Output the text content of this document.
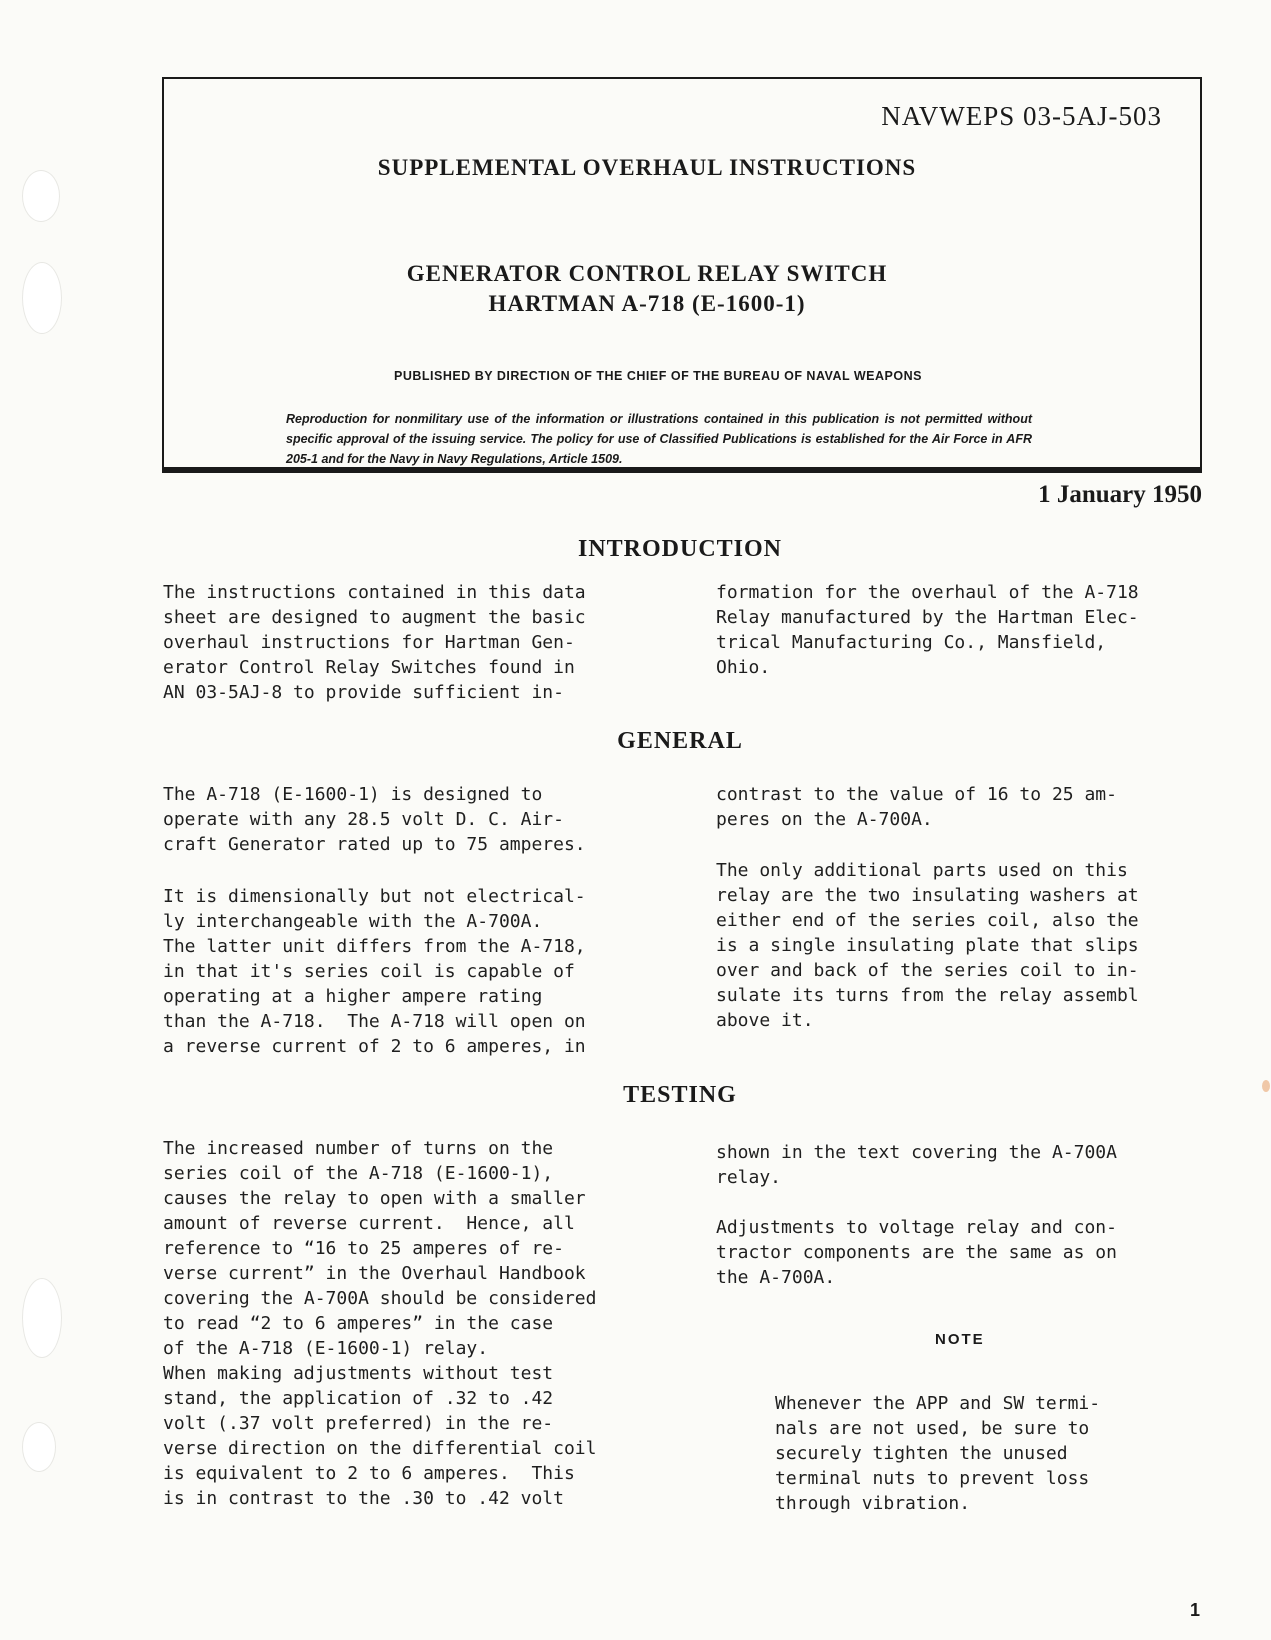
NAVWEPS 03-5AJ-503
SUPPLEMENTAL OVERHAUL INSTRUCTIONS
GENERATOR CONTROL RELAY SWITCH
HARTMAN A-718 (E-1600-1)
PUBLISHED BY DIRECTION OF THE CHIEF OF THE BUREAU OF NAVAL WEAPONS
Reproduction for nonmilitary use of the information or illustrations contained in this publication is not permitted without specific approval of the issuing service. The policy for use of Classified Publications is established for the Air Force in AFR 205-1 and for the Navy in Navy Regulations, Article 1509.
1 January 1950
INTRODUCTION
The instructions contained in this data
sheet are designed to augment the basic
overhaul instructions for Hartman Gen-
erator Control Relay Switches found in
AN 03-5AJ-8 to provide sufficient in-
formation for the overhaul of the A-718
Relay manufactured by the Hartman Elec-
trical Manufacturing Co., Mansfield,
Ohio.
GENERAL
The A-718 (E-1600-1) is designed to
operate with any 28.5 volt D. C. Air-
craft Generator rated up to 75 amperes.
It is dimensionally but not electrical-
ly interchangeable with the A-700A.
The latter unit differs from the A-718,
in that it's series coil is capable of
operating at a higher ampere rating
than the A-718.  The A-718 will open on
a reverse current of 2 to 6 amperes, in
contrast to the value of 16 to 25 am-
peres on the A-700A.
The only additional parts used on this
relay are the two insulating washers at
either end of the series coil, also the
is a single insulating plate that slips
over and back of the series coil to in-
sulate its turns from the relay assembl
above it.
TESTING
The increased number of turns on the
series coil of the A-718 (E-1600-1),
causes the relay to open with a smaller
amount of reverse current.  Hence, all
reference to “16 to 25 amperes of re-
verse current” in the Overhaul Handbook
covering the A-700A should be considered
to read “2 to 6 amperes” in the case
of the A-718 (E-1600-1) relay.
When making adjustments without test
stand, the application of .32 to .42
volt (.37 volt preferred) in the re-
verse direction on the differential coil
is equivalent to 2 to 6 amperes.  This
is in contrast to the .30 to .42 volt
shown in the text covering the A-700A
relay.
Adjustments to voltage relay and con-
tractor components are the same as on
the A-700A.
NOTE
Whenever the APP and SW termi-
nals are not used, be sure to
securely tighten the unused
terminal nuts to prevent loss
through vibration.
1
